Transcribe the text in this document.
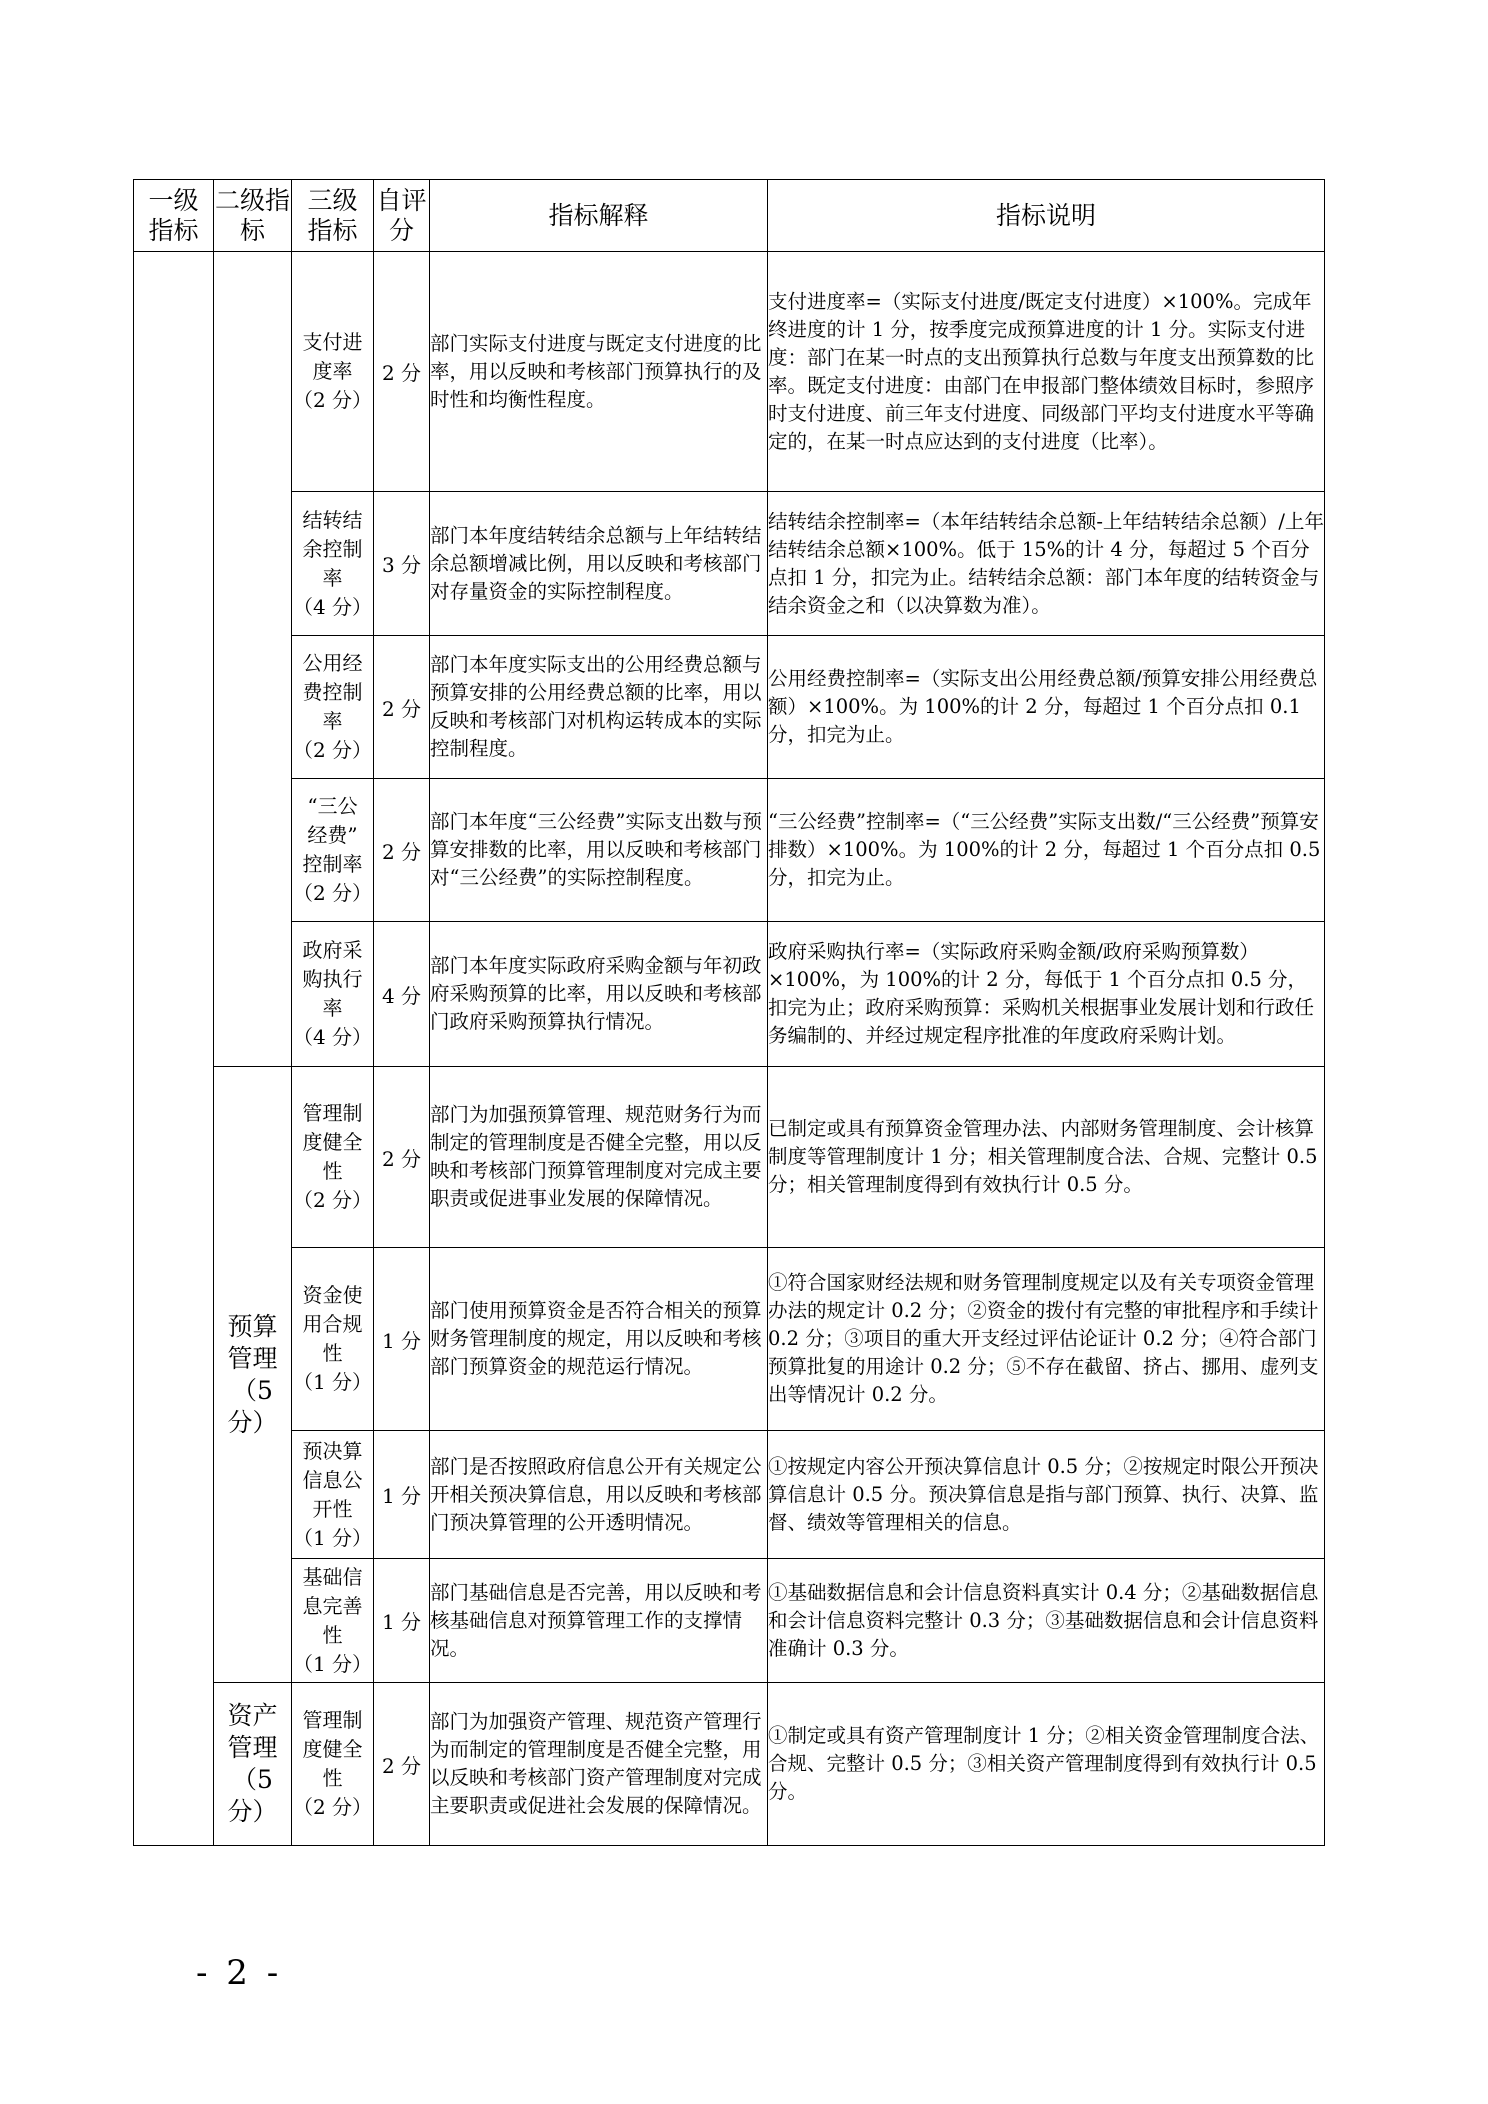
一级
指标	二级指
标	三级
指标	自评
分	指标解释	指标说明
		支付进
度率
（2 分）	2 分	部门实际支付进度与既定支付进度的比率，用以反映和考核部门预算执行的及时性和均衡性程度。	支付进度率=（实际支付进度/既定支付进度）×100%。完成年终进度的计 1 分，按季度完成预算进度的计 1 分。实际支付进度：部门在某一时点的支出预算执行总数与年度支出预算数的比率。既定支付进度：由部门在申报部门整体绩效目标时，参照序时支付进度、前三年支付进度、同级部门平均支付进度水平等确定的，在某一时点应达到的支付进度（比率）。
		结转结
余控制
率
（4 分）	3 分	部门本年度结转结余总额与上年结转结余总额增减比例，用以反映和考核部门对存量资金的实际控制程度。	结转结余控制率=（本年结转结余总额-上年结转结余总额）/上年结转结余总额×100%。低于 15%的计 4 分，每超过 5 个百分点扣 1 分，扣完为止。结转结余总额：部门本年度的结转资金与结余资金之和（以决算数为准）。
		公用经
费控制
率
（2 分）	2 分	部门本年度实际支出的公用经费总额与预算安排的公用经费总额的比率，用以反映和考核部门对机构运转成本的实际控制程度。	公用经费控制率=（实际支出公用经费总额/预算安排公用经费总额）×100%。为 100%的计 2 分，每超过 1 个百分点扣 0.1 分，扣完为止。
		“三公
经费”
控制率
（2 分）	2 分	部门本年度“三公经费”实际支出数与预算安排数的比率，用以反映和考核部门对“三公经费”的实际控制程度。	“三公经费”控制率=（“三公经费”实际支出数/“三公经费”预算安排数）×100%。为 100%的计 2 分，每超过 1 个百分点扣 0.5 分，扣完为止。
		政府采
购执行
率
（4 分）	4 分	部门本年度实际政府采购金额与年初政府采购预算的比率，用以反映和考核部门政府采购预算执行情况。	政府采购执行率=（实际政府采购金额/政府采购预算数）×100%，为 100%的计 2 分，每低于 1 个百分点扣 0.5 分，扣完为止；政府采购预算：采购机关根据事业发展计划和行政任务编制的、并经过规定程序批准的年度政府采购计划。
	预算
管理
（5
分）	管理制
度健全
性
（2 分）	2 分	部门为加强预算管理、规范财务行为而制定的管理制度是否健全完整，用以反映和考核部门预算管理制度对完成主要职责或促进事业发展的保障情况。	已制定或具有预算资金管理办法、内部财务管理制度、会计核算制度等管理制度计 1 分；相关管理制度合法、合规、完整计 0.5 分；相关管理制度得到有效执行计 0.5 分。
		资金使
用合规
性
（1 分）	1 分	部门使用预算资金是否符合相关的预算财务管理制度的规定，用以反映和考核部门预算资金的规范运行情况。	①符合国家财经法规和财务管理制度规定以及有关专项资金管理办法的规定计 0.2 分；②资金的拨付有完整的审批程序和手续计 0.2 分；③项目的重大开支经过评估论证计 0.2 分；④符合部门预算批复的用途计 0.2 分；⑤不存在截留、挤占、挪用、虚列支出等情况计 0.2 分。
		预决算
信息公
开性
（1 分）	1 分	部门是否按照政府信息公开有关规定公开相关预决算信息，用以反映和考核部门预决算管理的公开透明情况。	①按规定内容公开预决算信息计 0.5 分；②按规定时限公开预决算信息计 0.5 分。预决算信息是指与部门预算、执行、决算、监督、绩效等管理相关的信息。
		基础信
息完善
性
（1 分）	1 分	部门基础信息是否完善，用以反映和考核基础信息对预算管理工作的支撑情况。	①基础数据信息和会计信息资料真实计 0.4 分；②基础数据信息和会计信息资料完整计 0.3 分；③基础数据信息和会计信息资料准确计 0.3 分。
	资产
管理
（5
分）	管理制
度健全
性
（2 分）	2 分	部门为加强资产管理、规范资产管理行为而制定的管理制度是否健全完整，用以反映和考核部门资产管理制度对完成主要职责或促进社会发展的保障情况。	①制定或具有资产管理制度计 1 分；②相关资金管理制度合法、合规、完整计 0.5 分；③相关资产管理制度得到有效执行计 0.5 分。
- 2 -
